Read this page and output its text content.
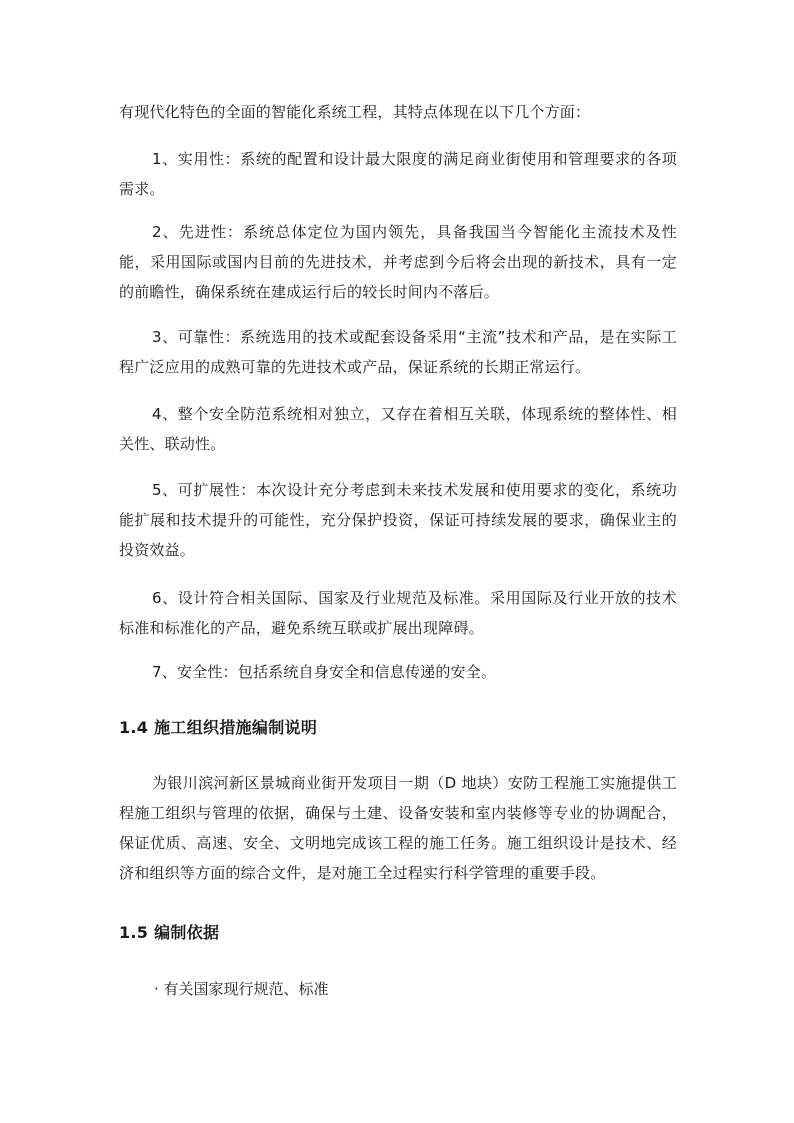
有现代化特色的全面的智能化系统工程，其特点体现在以下几个方面：

1、实用性：系统的配置和设计最大限度的满足商业街使用和管理要求的各项需求。

2、先进性：系统总体定位为国内领先，具备我国当今智能化主流技术及性能，采用国际或国内目前的先进技术，并考虑到今后将会出现的新技术，具有一定的前瞻性，确保系统在建成运行后的较长时间内不落后。

3、可靠性：系统选用的技术或配套设备采用“主流”技术和产品，是在实际工程广泛应用的成熟可靠的先进技术或产品，保证系统的长期正常运行。

4、整个安全防范系统相对独立，又存在着相互关联，体现系统的整体性、相关性、联动性。

5、可扩展性：本次设计充分考虑到未来技术发展和使用要求的变化，系统功能扩展和技术提升的可能性，充分保护投资，保证可持续发展的要求，确保业主的投资效益。

6、设计符合相关国际、国家及行业规范及标准。采用国际及行业开放的技术标准和标准化的产品，避免系统互联或扩展出现障碍。

7、安全性：包括系统自身安全和信息传递的安全。

1.4 施工组织措施编制说明

为银川滨河新区景城商业街开发项目一期（D 地块）安防工程施工实施提供工程施工组织与管理的依据，确保与土建、设备安装和室内装修等专业的协调配合，保证优质、高速、安全、文明地完成该工程的施工任务。施工组织设计是技术、经济和组织等方面的综合文件，是对施工全过程实行科学管理的重要手段。

1.5 编制依据

· 有关国家现行规范、标准
